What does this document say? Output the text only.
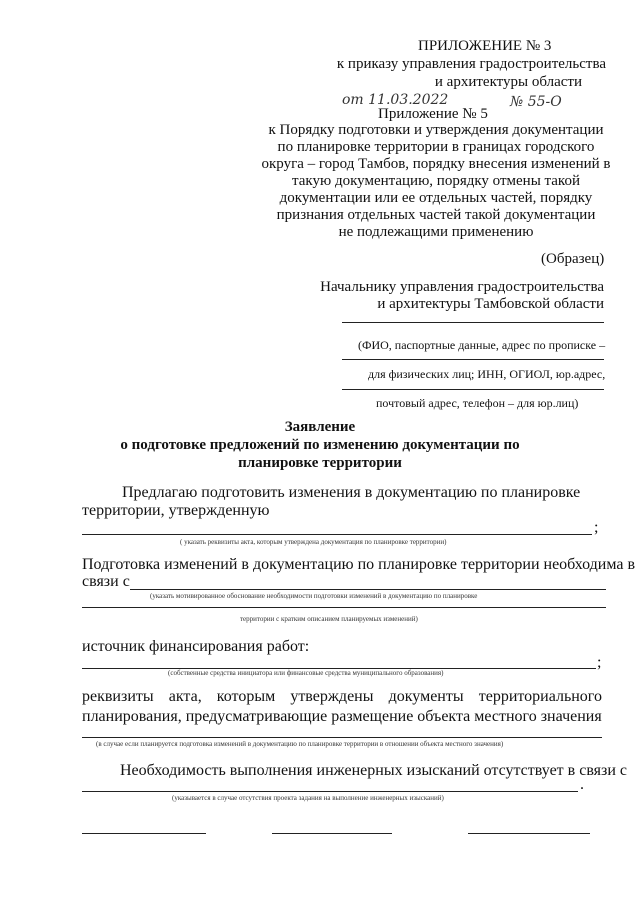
ПРИЛОЖЕНИЕ № 3
к приказу управления градостроительства
и архитектуры области
от 11.03.2022	№ 55-О
Приложение № 5
к Порядку подготовки и утверждения документации
по планировке территории в границах городского
округа – город Тамбов, порядку внесения изменений в
такую документацию, порядку отмены такой
документации или ее отдельных частей, порядку
признания отдельных частей такой документации
не подлежащими применению
(Образец)
Начальнику управления градостроительства
и архитектуры Тамбовской области
(ФИО, паспортные данные, адрес по прописке –
для физических лиц; ИНН, ОГИОЛ, юр.адрес,
почтовый адрес, телефон – для юр.лиц)
Заявление
о подготовке предложений по изменению документации по
планировке территории
Предлагаю подготовить изменения в документацию по планировке
территории, утвержденную
;
( указать реквизиты акта, которым утверждена документация по планировке территории)
Подготовка изменений в документацию по планировке территории необходима в
связи с
(указать мотивированное обоснование необходимости подготовки изменений в документацию по планировке
территории с кратким описанием планируемых изменений)
источник финансирования работ:
;
(собственные средства инициатора или финансовые средства муниципального образования)
реквизиты акта, которым утверждены документы территориального
планирования, предусматривающие размещение объекта местного значения
(в случае если планируется подготовка изменений в документацию по планировке территории в отношении объекта местного значения)
Необходимость выполнения инженерных изысканий отсутствует в связи с
.
(указывается в случае отсутствия проекта задания на выполнение инженерных изысканий)
